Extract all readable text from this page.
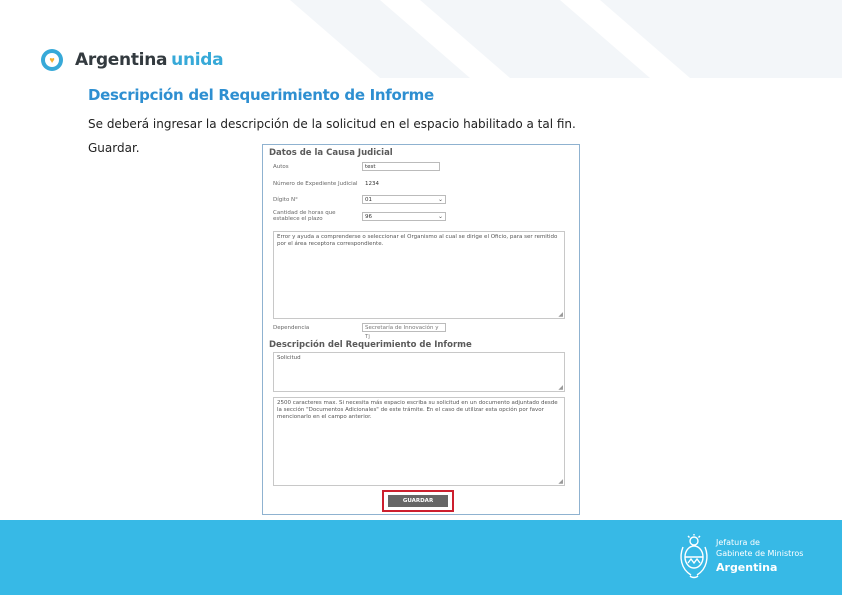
♥ Argentina unida
Descripción del Requerimiento de Informe
Se deberá ingresar la descripción de la solicitud en el espacio habilitado a tal fin.
Guardar.	Datos de la Causa Judicial
Autos	test
Número de Expediente Judicial	1234
Dígito N°	01	⌄
Cantidad de horas que establece el plazo	96	⌄
Error y ayuda a comprenderse o seleccionar el Organismo al cual se dirige el Oficio, para ser remitido por el área receptora correspondiente.
◢
Dependencia	Secretaría de Innovación y Tj
Descripción del Requerimiento de Informe
Solicitud
◢
2500 caracteres max. Si necesita más espacio escriba su solicitud en un documento adjuntado desde la sección "Documentos Adicionales" de este trámite. En el caso de utilizar esta opción por favor mencionarlo en el campo anterior.
◢
GUARDAR
Jefatura de
Gabinete de Ministros
Argentina
